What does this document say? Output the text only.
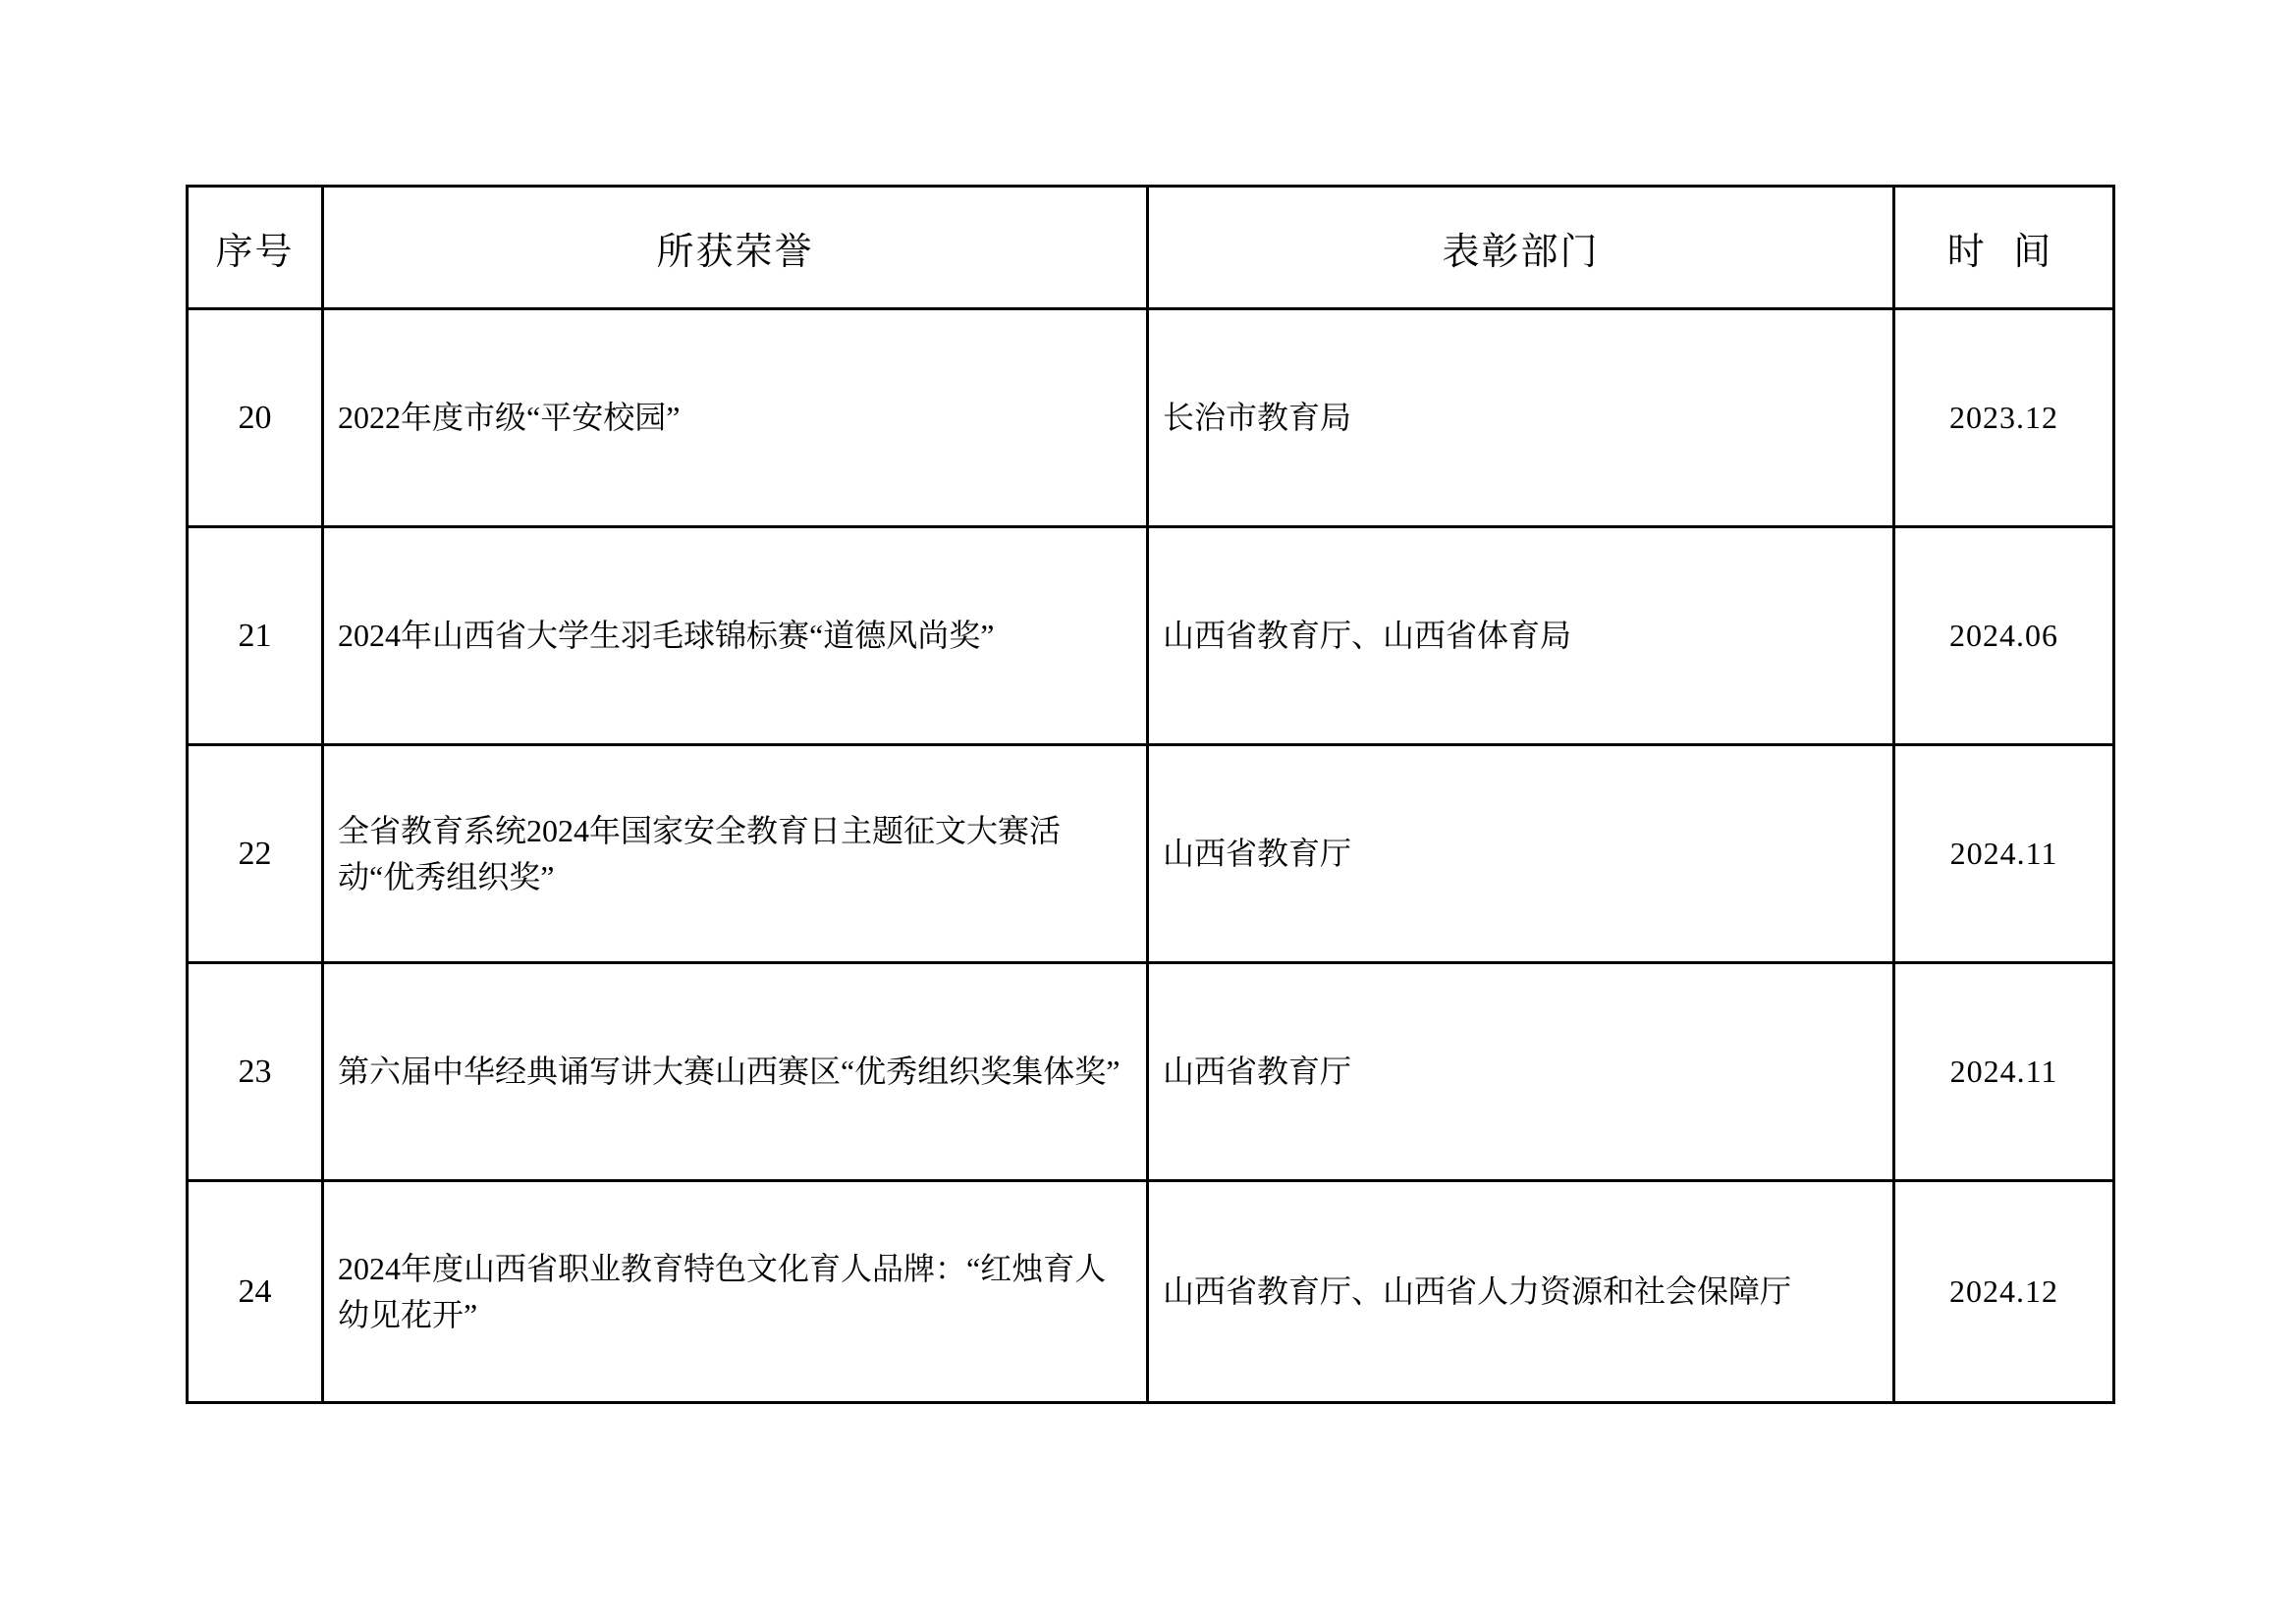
序号	所获荣誉	表彰部门	时 间
20	2022年度市级“平安校园”	长治市教育局	2023.12
21	2024年山西省大学生羽毛球锦标赛“道德风尚奖”	山西省教育厅、山西省体育局	2024.06
22	全省教育系统2024年国家安全教育日主题征文大赛活动“优秀组织奖”	山西省教育厅	2024.11
23	第六届中华经典诵写讲大赛山西赛区“优秀组织奖集体奖”	山西省教育厅	2024.11
24	2024年度山西省职业教育特色文化育人品牌：“红烛育人 幼见花开”	山西省教育厅、山西省人力资源和社会保障厅	2024.12
